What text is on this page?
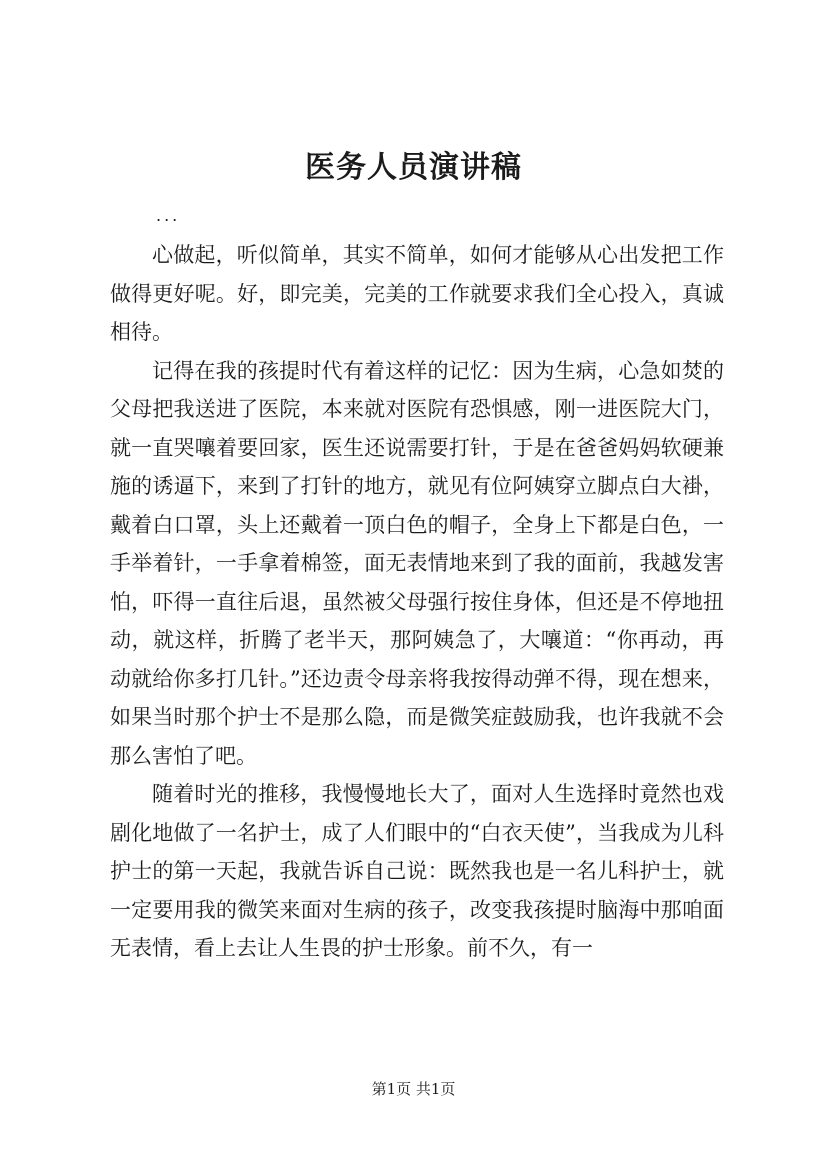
医务人员演讲稿
...

心做起，听似简单，其实不简单，如何才能够从心出发把工作做得更好呢。好，即完美，完美的工作就要求我们全心投入，真诚相待。

记得在我的孩提时代有着这样的记忆：因为生病，心急如焚的父母把我送进了医院，本来就对医院有恐惧感，刚一进医院大门，就一直哭嚷着要回家，医生还说需要打针，于是在爸爸妈妈软硬兼施的诱逼下，来到了打针的地方，就见有位阿姨穿立脚点白大褂，戴着白口罩，头上还戴着一顶白色的帽子，全身上下都是白色，一手举着针，一手拿着棉签，面无表情地来到了我的面前，我越发害怕，吓得一直往后退，虽然被父母强行按住身体，但还是不停地扭动，就这样，折腾了老半天，那阿姨急了，大嚷道：“你再动，再动就给你多打几针。”还边责令母亲将我按得动弹不得，现在想来，如果当时那个护士不是那么隐，而是微笑症鼓励我，也许我就不会那么害怕了吧。

随着时光的推移，我慢慢地长大了，面对人生选择时竟然也戏剧化地做了一名护士，成了人们眼中的“白衣天使”，当我成为儿科护士的第一天起，我就告诉自己说：既然我也是一名儿科护士，就一定要用我的微笑来面对生病的孩子，改变我孩提时脑海中那咱面无表情，看上去让人生畏的护士形象。前不久，有一

第1页 共1页
